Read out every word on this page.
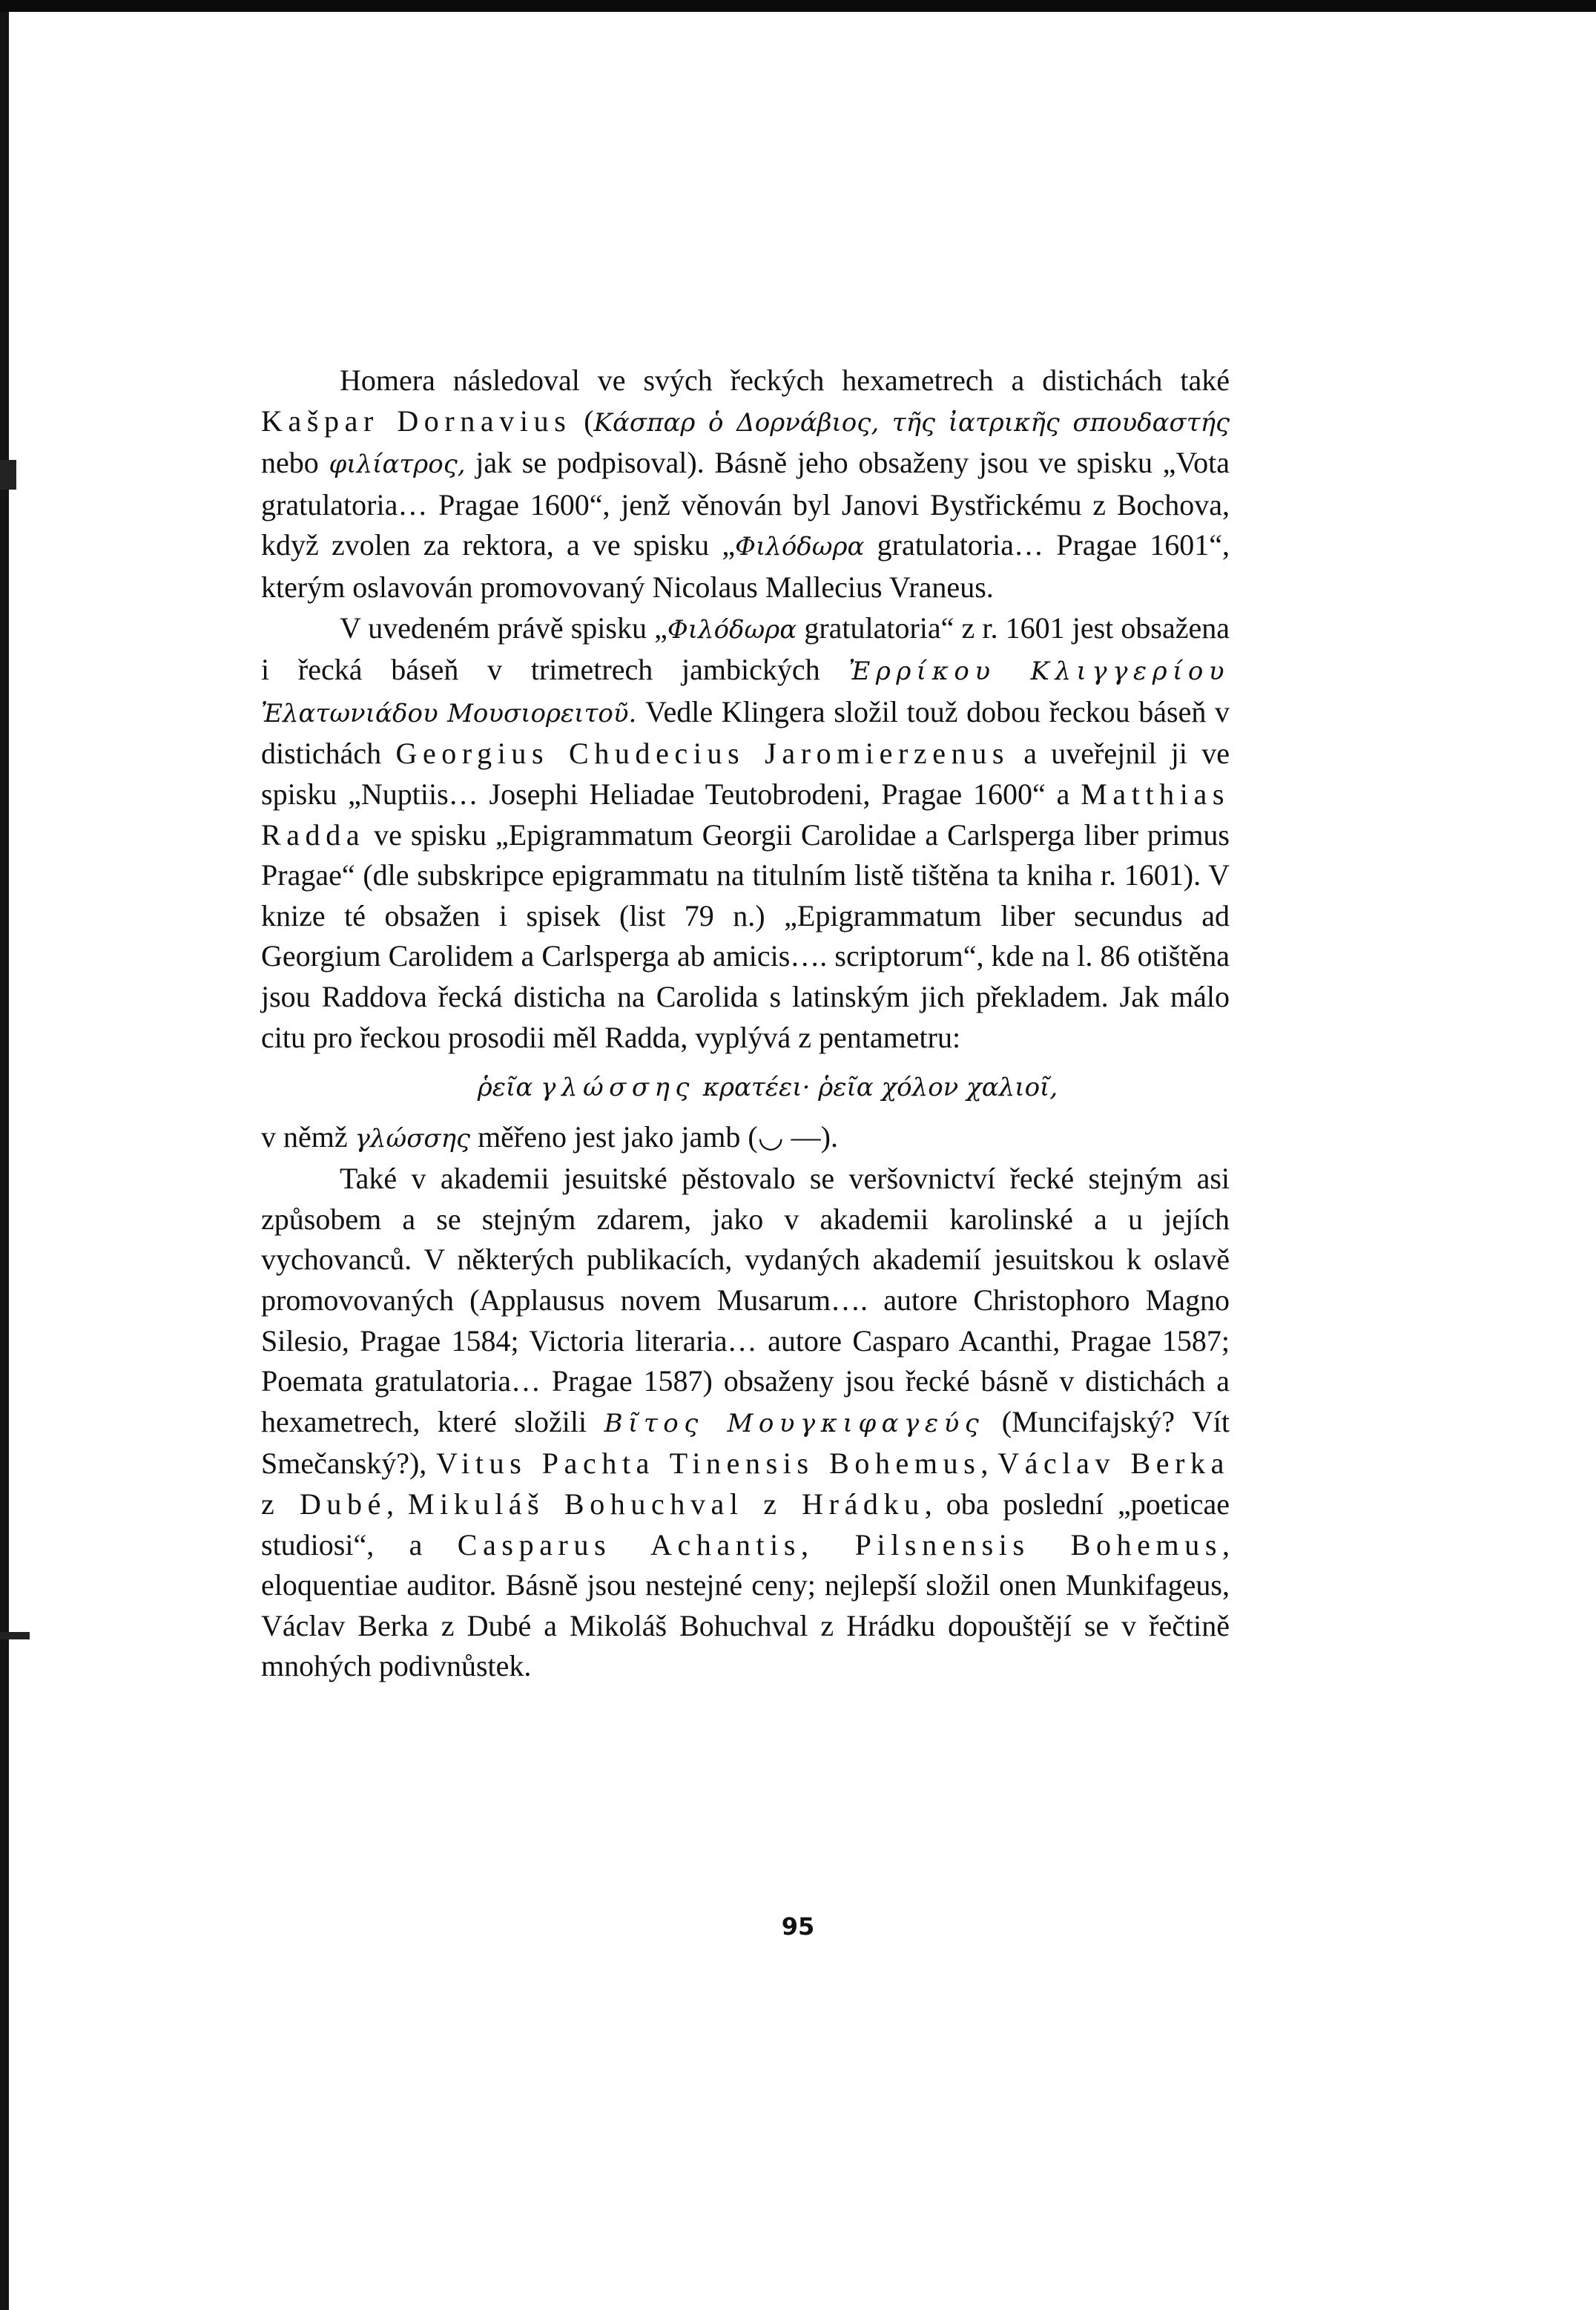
Homera následoval ve svých řeckých hexametrech a distichách také Kašpar Dornavius (Κάσπαρ ὁ Δορνάβιος, τῆς ἰατρικῆς σπουδαστής nebo φιλίατρος, jak se podpisoval). Básně jeho obsaženy jsou ve spisku „Vota gratulatoria… Pragae 1600“, jenž věnován byl Janovi Bystřickému z Bochova, když zvolen za rektora, a ve spisku „Φιλόδωρα gratulatoria… Pragae 1601“, kterým oslavován promovovaný Nicolaus Mallecius Vraneus.

V uvedeném právě spisku „Φιλόδωρα gratulatoria“ z r. 1601 jest obsažena i řecká báseň v trimetrech jambických Ἐρρίκου Κλιγγερίου Ἐλατωνιάδου Μουσιορειτοῦ. Vedle Klingera složil touž dobou řeckou báseň v distichách Georgius Chudecius Jaromierzenus a uveřejnil ji ve spisku „Nuptiis… Josephi Heliadae Teutobrodeni, Pragae 1600“ a Matthias Radda ve spisku „Epigrammatum Georgii Carolidae a Carlsperga liber primus Pragae“ (dle subskripce epigrammatu na titulním listě tištěna ta kniha r. 1601). V knize té obsažen i spisek (list 79 n.) „Epigrammatum liber secundus ad Georgium Carolidem a Carlsperga ab amicis…. scriptorum“, kde na l. 86 otištěna jsou Raddova řecká disticha na Carolida s latinským jich překladem. Jak málo citu pro řeckou prosodii měl Radda, vyplývá z pentametru:

ῥεῖα γλώσσης κρατέει· ῥεῖα χόλον χαλιοῖ,

v němž γλώσσης měřeno jest jako jamb (◡ —).

Také v akademii jesuitské pěstovalo se veršovnictví řecké stejným asi způsobem a se stejným zdarem, jako v akademii karolinské a u jejích vychovanců. V některých publikacích, vydaných akademií jesuitskou k oslavě promovovaných (Applausus novem Musarum…. autore Christophoro Magno Silesio, Pragae 1584; Victoria literaria… autore Casparo Acanthi, Pragae 1587; Poemata gratulatoria… Pragae 1587) obsaženy jsou řecké básně v distichách a hexametrech, které složili Βῖτος Μουγκιφαγεύς (Muncifajský? Vít Smečanský?), Vitus Pachta Tinensis Bohemus, Václav Berka z Dubé, Mikuláš Bohuchval z Hrádku, oba poslední „poeticae studiosi“, a Casparus Achantis, Pilsnensis Bohemus, eloquentiae auditor. Básně jsou nestejné ceny; nejlepší složil onen Munkifageus, Václav Berka z Dubé a Mikoláš Bohuchval z Hrádku dopouštějí se v řečtině mnohých podivnůstek.

95
